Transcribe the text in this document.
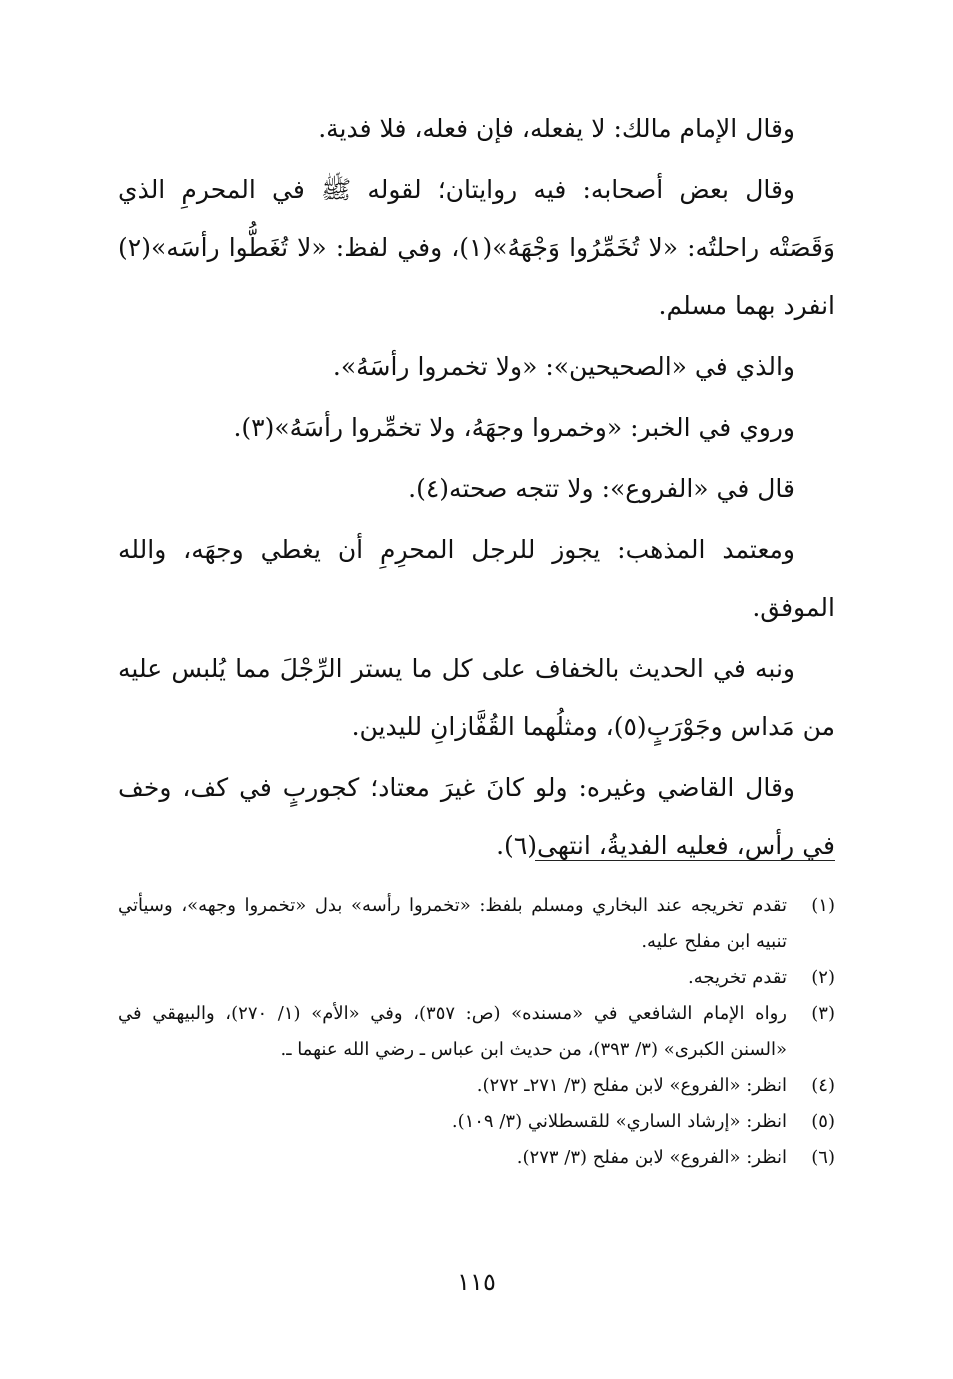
وقال الإمام مالك: لا يفعله، فإن فعله، فلا فدية.

وقال بعض أصحابه: فيه روايتان؛ لقوله ﷺ في المحرمِ الذي وَقَصَتْه راحلتُه: «لا تُخَمِّرُوا وَجْهَهُ»(١)، وفي لفظ: «لا تُغَطُّوا رأسَه»(٢) انفرد بهما مسلم.

والذي في «الصحيحين»: «ولا تخمروا رأسَهُ».

وروي في الخبر: «وخمروا وجهَهُ، ولا تخمِّروا رأسَهُ»(٣).

قال في «الفروع»: ولا تتجه صحته(٤).

ومعتمد المذهب: يجوز للرجل المحرِمِ أن يغطي وجهَه، والله الموفق.

ونبه في الحديث بالخفاف على كل ما يستر الرِّجْلَ مما يُلبس عليه من مَداس وجَوْرَبٍ(٥)، ومثلُهما القُفَّازانِ لليدين.

وقال القاضي وغيره: ولو كانَ غيرَ معتاد؛ كجوربٍ في كف، وخف في رأس، فعليه الفديةُ، انتهى(٦).

(١)
تقدم تخريجه عند البخاري ومسلم بلفظ: «تخمروا رأسه» بدل «تخمروا وجهه»، وسيأتي تنبيه ابن مفلح عليه.
(٢)
تقدم تخريجه.
(٣)
رواه الإمام الشافعي في «مسنده» (ص: ٣٥٧)، وفي «الأم» (١/ ٢٧٠)، والبيهقي في «السنن الكبرى» (٣/ ٣٩٣)، من حديث ابن عباس ـ رضي الله عنهما ـ.
(٤)
انظر: «الفروع» لابن مفلح (٣/ ٢٧١ـ ٢٧٢).
(٥)
انظر: «إرشاد الساري» للقسطلاني (٣/ ١٠٩).
(٦)
انظر: «الفروع» لابن مفلح (٣/ ٢٧٣).
١١٥
